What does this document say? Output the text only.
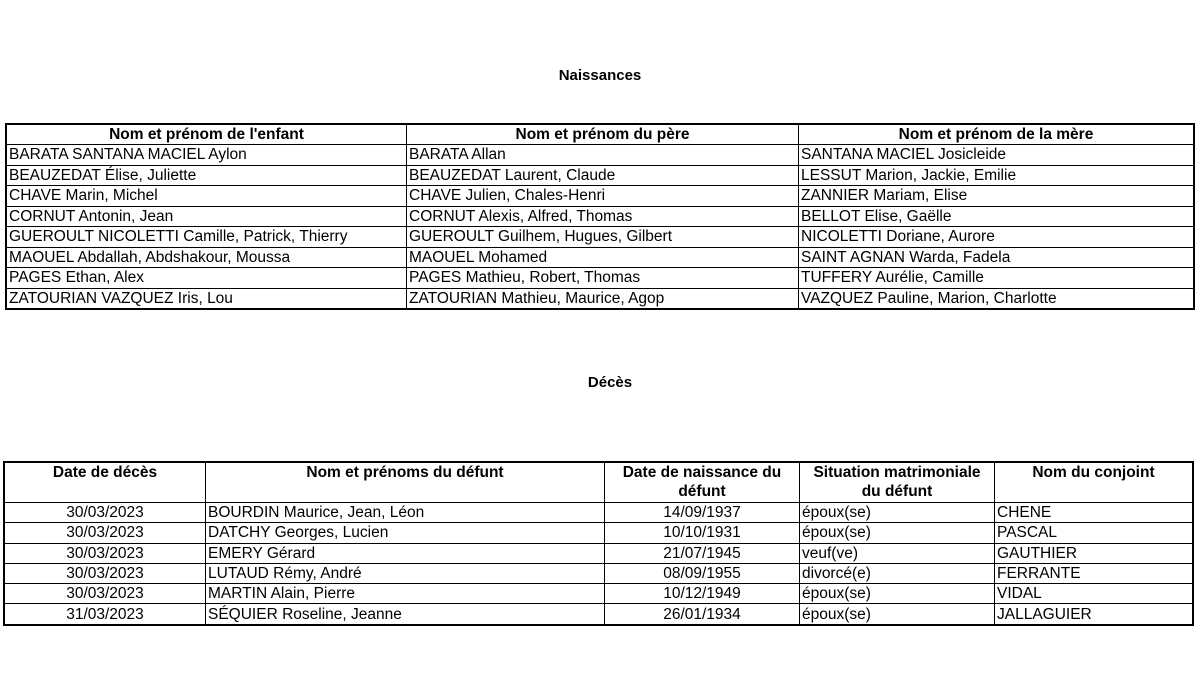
Naissances
Nom et prénom de l'enfant	Nom et prénom du père	Nom et prénom de la mère
BARATA SANTANA MACIEL Aylon	BARATA Allan	SANTANA MACIEL Josicleide
BEAUZEDAT Élise, Juliette	BEAUZEDAT Laurent, Claude	LESSUT Marion, Jackie, Emilie
CHAVE Marin, Michel	CHAVE Julien, Chales-Henri	ZANNIER Mariam, Elise
CORNUT Antonin, Jean	CORNUT Alexis, Alfred, Thomas	BELLOT Elise, Gaëlle
GUEROULT NICOLETTI Camille, Patrick, Thierry	GUEROULT Guilhem, Hugues, Gilbert	NICOLETTI Doriane, Aurore
MAOUEL Abdallah, Abdshakour, Moussa	MAOUEL Mohamed	SAINT AGNAN Warda, Fadela
PAGES Ethan, Alex	PAGES Mathieu, Robert, Thomas	TUFFERY Aurélie, Camille
ZATOURIAN VAZQUEZ Iris, Lou	ZATOURIAN Mathieu, Maurice, Agop	VAZQUEZ Pauline, Marion, Charlotte
Décès
Date de décès	Nom et prénoms du défunt	Date de naissance du défunt	Situation matrimoniale du défunt	Nom du conjoint
30/03/2023	BOURDIN Maurice, Jean, Léon	14/09/1937	époux(se)	CHENE
30/03/2023	DATCHY Georges, Lucien	10/10/1931	époux(se)	PASCAL
30/03/2023	EMERY Gérard	21/07/1945	veuf(ve)	GAUTHIER
30/03/2023	LUTAUD Rémy, André	08/09/1955	divorcé(e)	FERRANTE
30/03/2023	MARTIN Alain, Pierre	10/12/1949	époux(se)	VIDAL
31/03/2023	SÉQUIER Roseline, Jeanne	26/01/1934	époux(se)	JALLAGUIER
